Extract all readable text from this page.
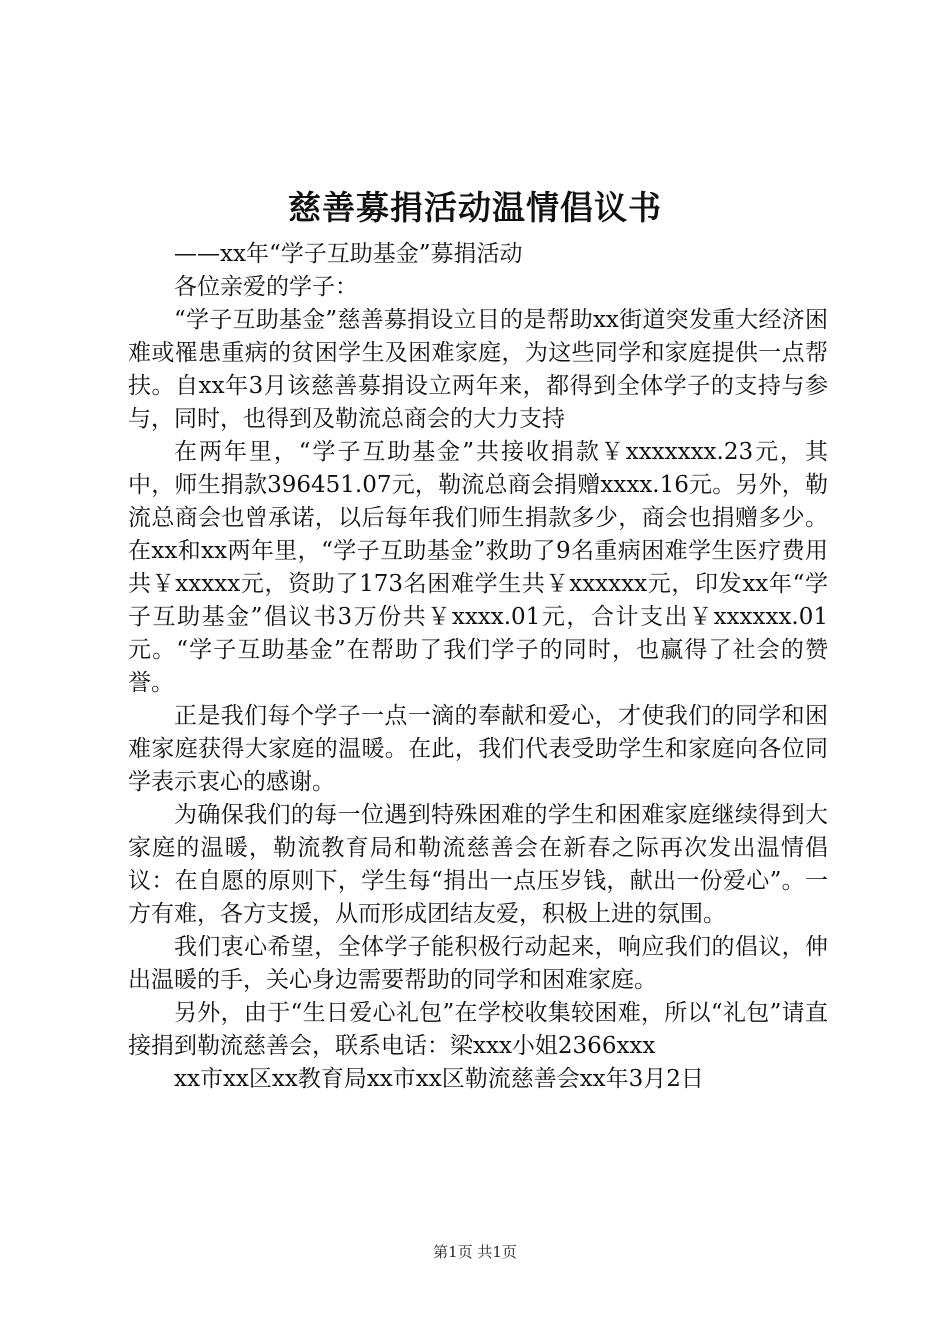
慈善募捐活动温情倡议书

——xx年“学子互助基金”募捐活动

各位亲爱的学子：

“学子互助基金”慈善募捐设立目的是帮助xx街道突发重大经济困难或罹患重病的贫困学生及困难家庭，为这些同学和家庭提供一点帮扶。自xx年3月该慈善募捐设立两年来，都得到全体学子的支持与参与，同时，也得到及勒流总商会的大力支持

在两年里，“学子互助基金”共接收捐款￥xxxxxxx.23元，其中，师生捐款396451.07元，勒流总商会捐赠xxxx.16元。另外，勒流总商会也曾承诺，以后每年我们师生捐款多少，商会也捐赠多少。在xx和xx两年里，“学子互助基金”救助了9名重病困难学生医疗费用共￥xxxxx元，资助了173名困难学生共￥xxxxxx元，印发xx年“学子互助基金”倡议书3万份共￥xxxx.01元，合计支出￥xxxxxx.01元。“学子互助基金”在帮助了我们学子的同时，也赢得了社会的赞誉。

正是我们每个学子一点一滴的奉献和爱心，才使我们的同学和困难家庭获得大家庭的温暖。在此，我们代表受助学生和家庭向各位同学表示衷心的感谢。

为确保我们的每一位遇到特殊困难的学生和困难家庭继续得到大家庭的温暖，勒流教育局和勒流慈善会在新春之际再次发出温情倡议：在自愿的原则下，学生每“捐出一点压岁钱，献出一份爱心”。一方有难，各方支援，从而形成团结友爱，积极上进的氛围。

我们衷心希望，全体学子能积极行动起来，响应我们的倡议，伸出温暖的手，关心身边需要帮助的同学和困难家庭。

另外，由于“生日爱心礼包”在学校收集较困难，所以“礼包”请直接捐到勒流慈善会，联系电话：梁xxx小姐2366xxx

xx市xx区xx教育局xx市xx区勒流慈善会xx年3月2日

第1页 共1页
